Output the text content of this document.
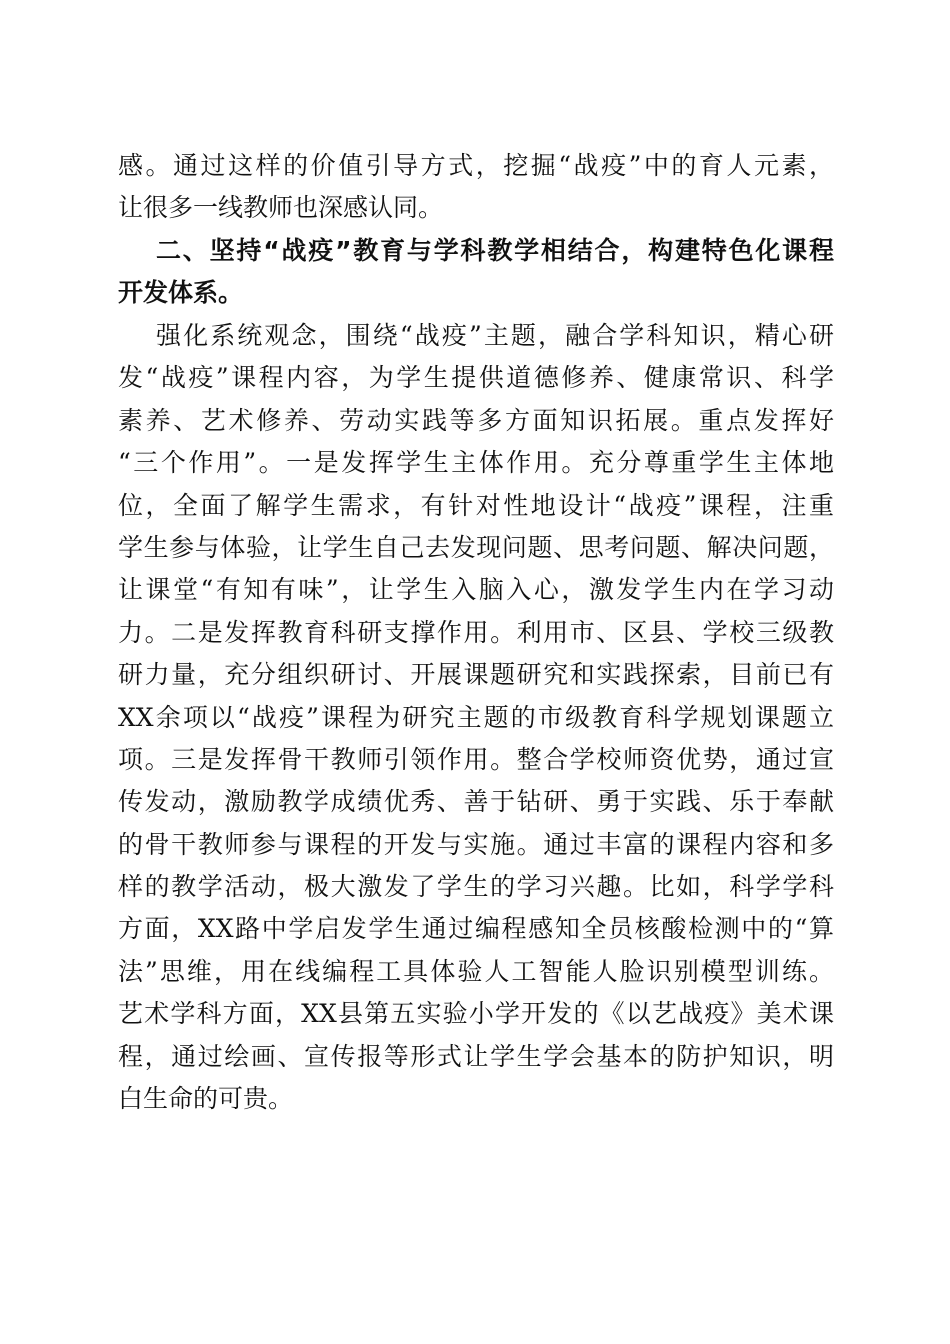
感。通过这样的价值引导方式，挖掘“战疫”中的育人元素，
让很多一线教师也深感认同。
二、坚持“战疫”教育与学科教学相结合，构建特色化课程
开发体系。
强化系统观念，围绕“战疫”主题，融合学科知识，精心研
发“战疫”课程内容，为学生提供道德修养、健康常识、科学
素养、艺术修养、劳动实践等多方面知识拓展。重点发挥好
“三个作用”。一是发挥学生主体作用。充分尊重学生主体地
位，全面了解学生需求，有针对性地设计“战疫”课程，注重
学生参与体验，让学生自己去发现问题、思考问题、解决问题，
让课堂“有知有味”，让学生入脑入心，激发学生内在学习动
力。二是发挥教育科研支撑作用。利用市、区县、学校三级教
研力量，充分组织研讨、开展课题研究和实践探索，目前已有
XX余项以“战疫”课程为研究主题的市级教育科学规划课题立
项。三是发挥骨干教师引领作用。整合学校师资优势，通过宣
传发动，激励教学成绩优秀、善于钻研、勇于实践、乐于奉献
的骨干教师参与课程的开发与实施。通过丰富的课程内容和多
样的教学活动，极大激发了学生的学习兴趣。比如，科学学科
方面，XX路中学启发学生通过编程感知全员核酸检测中的“算
法”思维，用在线编程工具体验人工智能人脸识别模型训练。
艺术学科方面，XX县第五实验小学开发的《以艺战疫》美术课
程，通过绘画、宣传报等形式让学生学会基本的防护知识，明
白生命的可贵。
